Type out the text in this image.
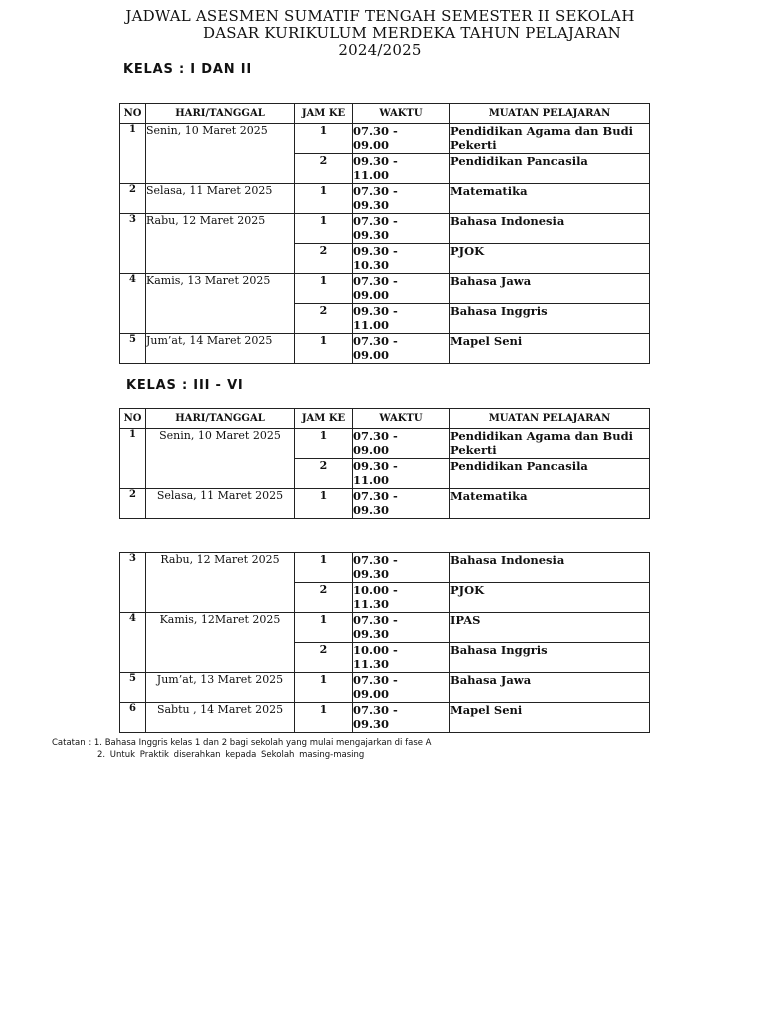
JADWAL ASESMEN SUMATIF TENGAH SEMESTER II SEKOLAH
DASAR KURIKULUM MERDEKA TAHUN PELAJARAN
2024/2025
KELAS : I DAN II
NO	HARI/TANGGAL	JAM KE	WAKTU	MUATAN PELAJARAN
1	Senin, 10 Maret 2025	1	07.30 -
09.00	Pendidikan Agama dan Budi Pekerti
		2	09.30 -
11.00	Pendidikan Pancasila
2	Selasa, 11 Maret 2025	1	07.30 -
09.30	Matematika
3	Rabu, 12 Maret 2025	1	07.30 -
09.30	Bahasa Indonesia
		2	09.30 -
10.30	PJOK
4	Kamis, 13 Maret 2025	1	07.30 -
09.00	Bahasa Jawa
		2	09.30 -
11.00	Bahasa Inggris
5	Jum’at, 14 Maret 2025	1	07.30 -
09.00	Mapel Seni
KELAS : III - VI
NO	HARI/TANGGAL	JAM KE	WAKTU	MUATAN PELAJARAN
1	Senin, 10 Maret 2025	1	07.30 -
09.00	Pendidikan Agama dan Budi Pekerti
		2	09.30 -
11.00	Pendidikan Pancasila
2	Selasa, 11 Maret 2025	1	07.30 -
09.30	Matematika
3	Rabu, 12 Maret 2025	1	07.30 -
09.30	Bahasa Indonesia
		2	10.00 -
11.30	PJOK
4	Kamis, 12Maret 2025	1	07.30 -
09.30	IPAS
		2	10.00 -
11.30	Bahasa Inggris
5	Jum’at, 13 Maret 2025	1	07.30 -
09.00	Bahasa Jawa
6	Sabtu , 14 Maret 2025	1	07.30 -
09.30	Mapel Seni
Catatan : 1. Bahasa Inggris kelas 1 dan 2 bagi sekolah yang mulai mengajarkan di fase A
2. Untuk Praktik diserahkan kepada Sekolah masing-masing
